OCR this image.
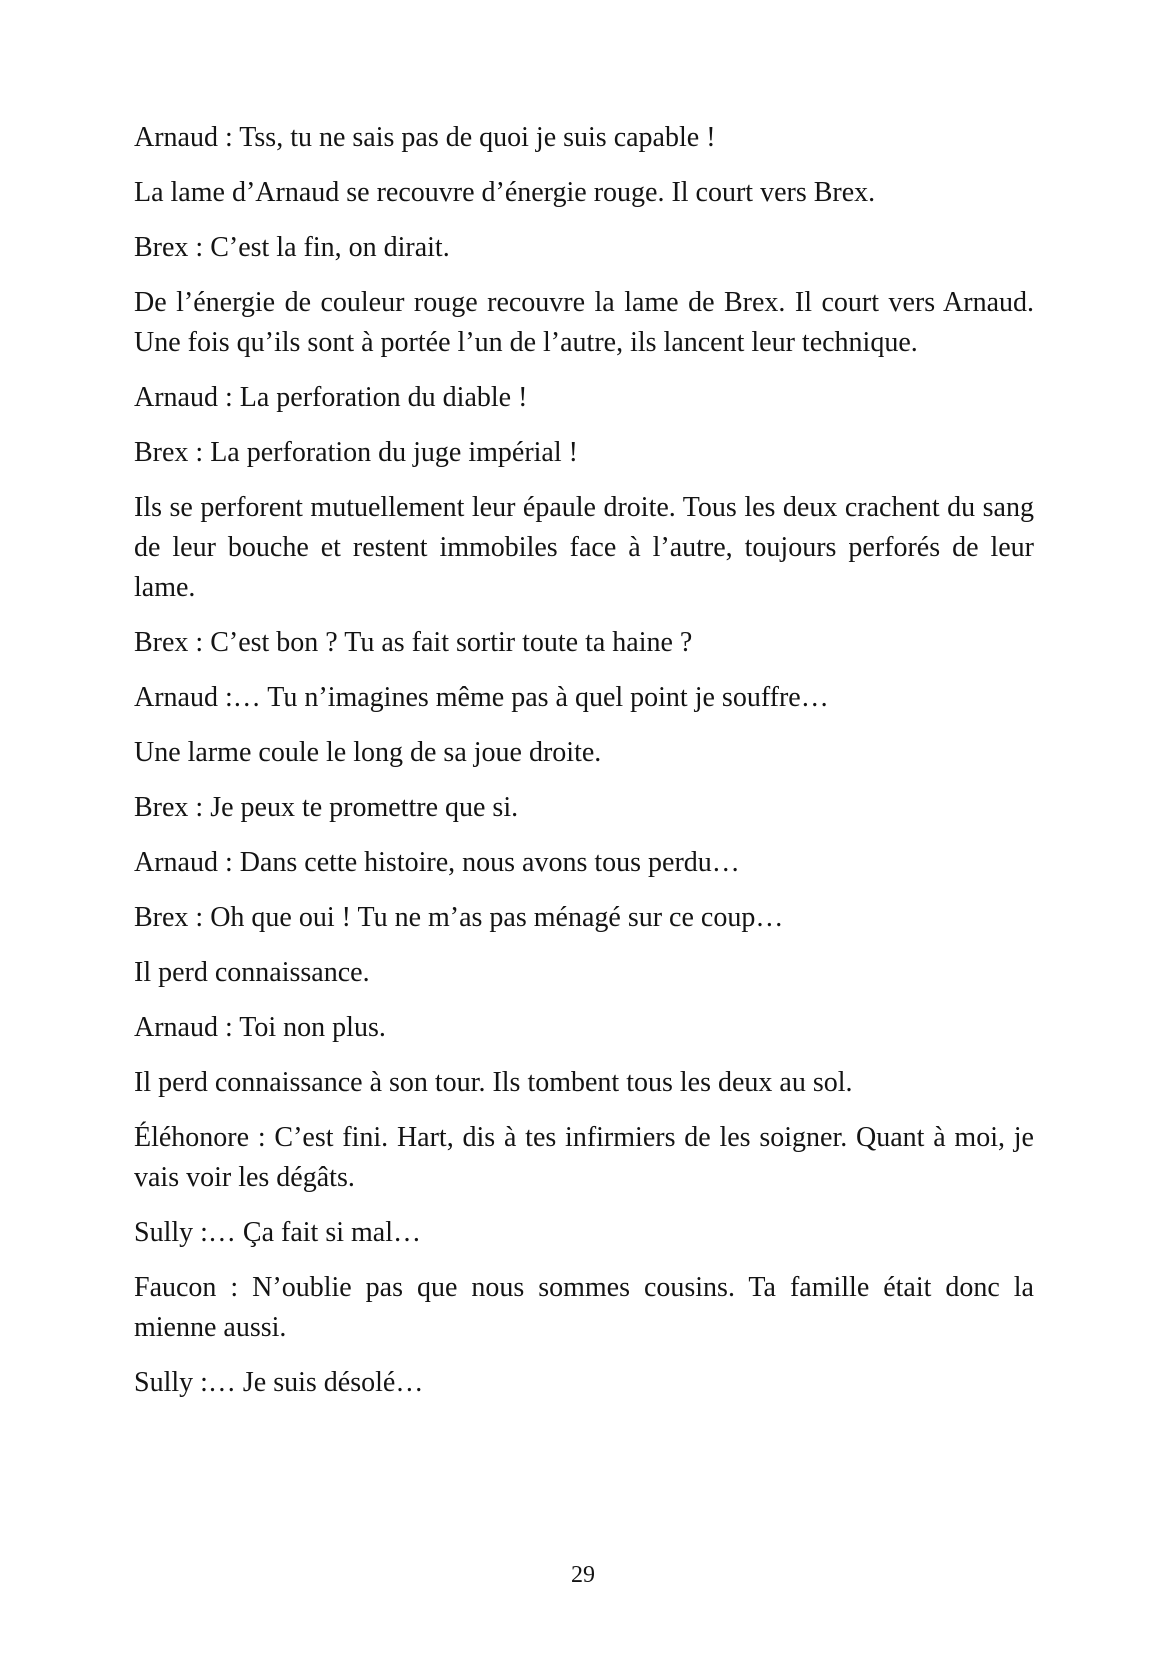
Arnaud : Tss, tu ne sais pas de quoi je suis capable !

La lame d’Arnaud se recouvre d’énergie rouge. Il court vers Brex.

Brex : C’est la fin, on dirait.

De l’énergie de couleur rouge recouvre la lame de Brex. Il court vers Arnaud. Une fois qu’ils sont à portée l’un de l’autre, ils lancent leur technique.

Arnaud : La perforation du diable !

Brex : La perforation du juge impérial !

Ils se perforent mutuellement leur épaule droite. Tous les deux crachent du sang de leur bouche et restent immobiles face à l’autre, toujours perforés de leur lame.

Brex : C’est bon ? Tu as fait sortir toute ta haine ?

Arnaud :… Tu n’imagines même pas à quel point je souffre…

Une larme coule le long de sa joue droite.

Brex : Je peux te promettre que si.

Arnaud : Dans cette histoire, nous avons tous perdu…

Brex : Oh que oui ! Tu ne m’as pas ménagé sur ce coup…

Il perd connaissance.

Arnaud : Toi non plus.

Il perd connaissance à son tour. Ils tombent tous les deux au sol.

Éléhonore : C’est fini. Hart, dis à tes infirmiers de les soigner. Quant à moi, je vais voir les dégâts.

Sully :… Ça fait si mal…

Faucon : N’oublie pas que nous sommes cousins. Ta famille était donc la mienne aussi.

Sully :… Je suis désolé…

29
